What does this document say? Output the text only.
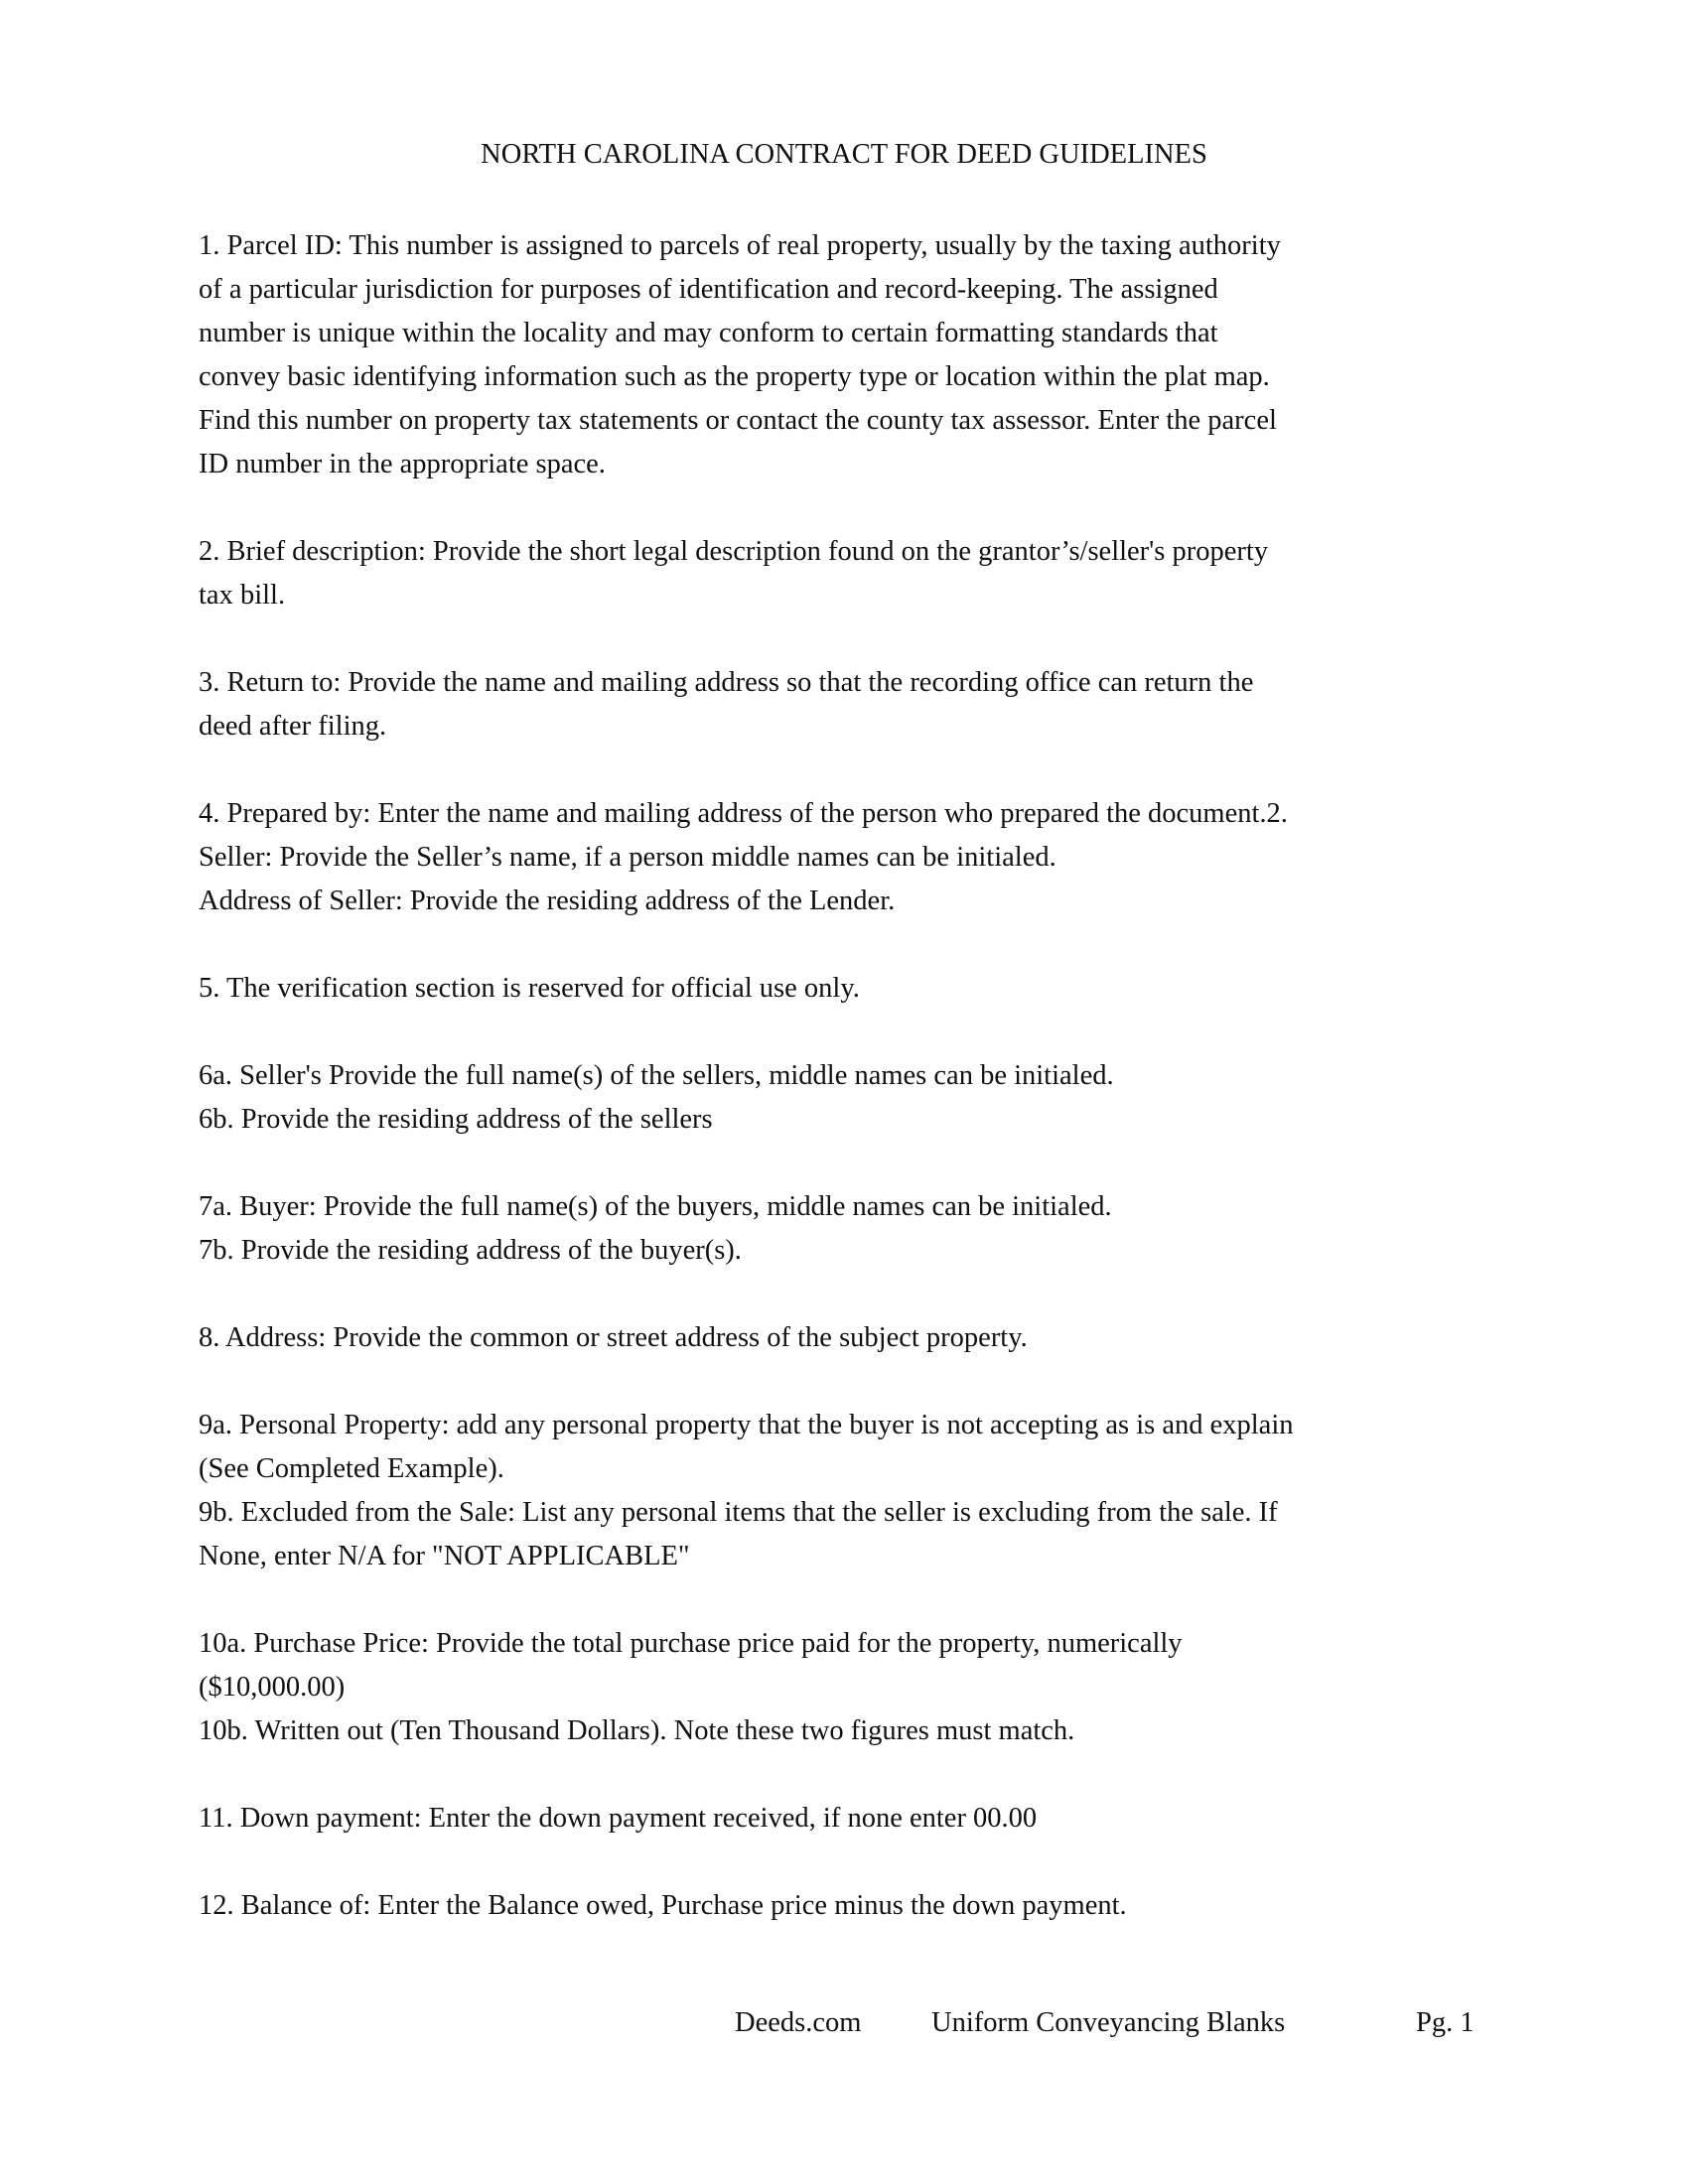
NORTH CAROLINA CONTRACT FOR DEED GUIDELINES

1. Parcel ID: This number is assigned to parcels of real property, usually by the taxing authority
of a particular jurisdiction for purposes of identification and record-keeping. The assigned
number is unique within the locality and may conform to certain formatting standards that
convey basic identifying information such as the property type or location within the plat map.
Find this number on property tax statements or contact the county tax assessor. Enter the parcel
ID number in the appropriate space.

2. Brief description: Provide the short legal description found on the grantor’s/seller's property
tax bill.

3. Return to: Provide the name and mailing address so that the recording office can return the
deed after filing.

4. Prepared by: Enter the name and mailing address of the person who prepared the document.2.
Seller: Provide the Seller’s name, if a person middle names can be initialed.
Address of Seller: Provide the residing address of the Lender.

5. The verification section is reserved for official use only.

6a. Seller's Provide the full name(s) of the sellers, middle names can be initialed.
6b. Provide the residing address of the sellers

7a. Buyer: Provide the full name(s) of the buyers, middle names can be initialed.
7b. Provide the residing address of the buyer(s).

8. Address: Provide the common or street address of the subject property.

9a. Personal Property: add any personal property that the buyer is not accepting as is and explain
(See Completed Example).
9b. Excluded from the Sale: List any personal items that the seller is excluding from the sale. If
None, enter N/A for "NOT APPLICABLE"

10a. Purchase Price: Provide the total purchase price paid for the property, numerically
($10,000.00)
10b. Written out (Ten Thousand Dollars). Note these two figures must match.

11. Down payment: Enter the down payment received, if none enter 00.00

12. Balance of: Enter the Balance owed, Purchase price minus the down payment.

Deeds.com Uniform Conveyancing Blanks	Pg. 1
